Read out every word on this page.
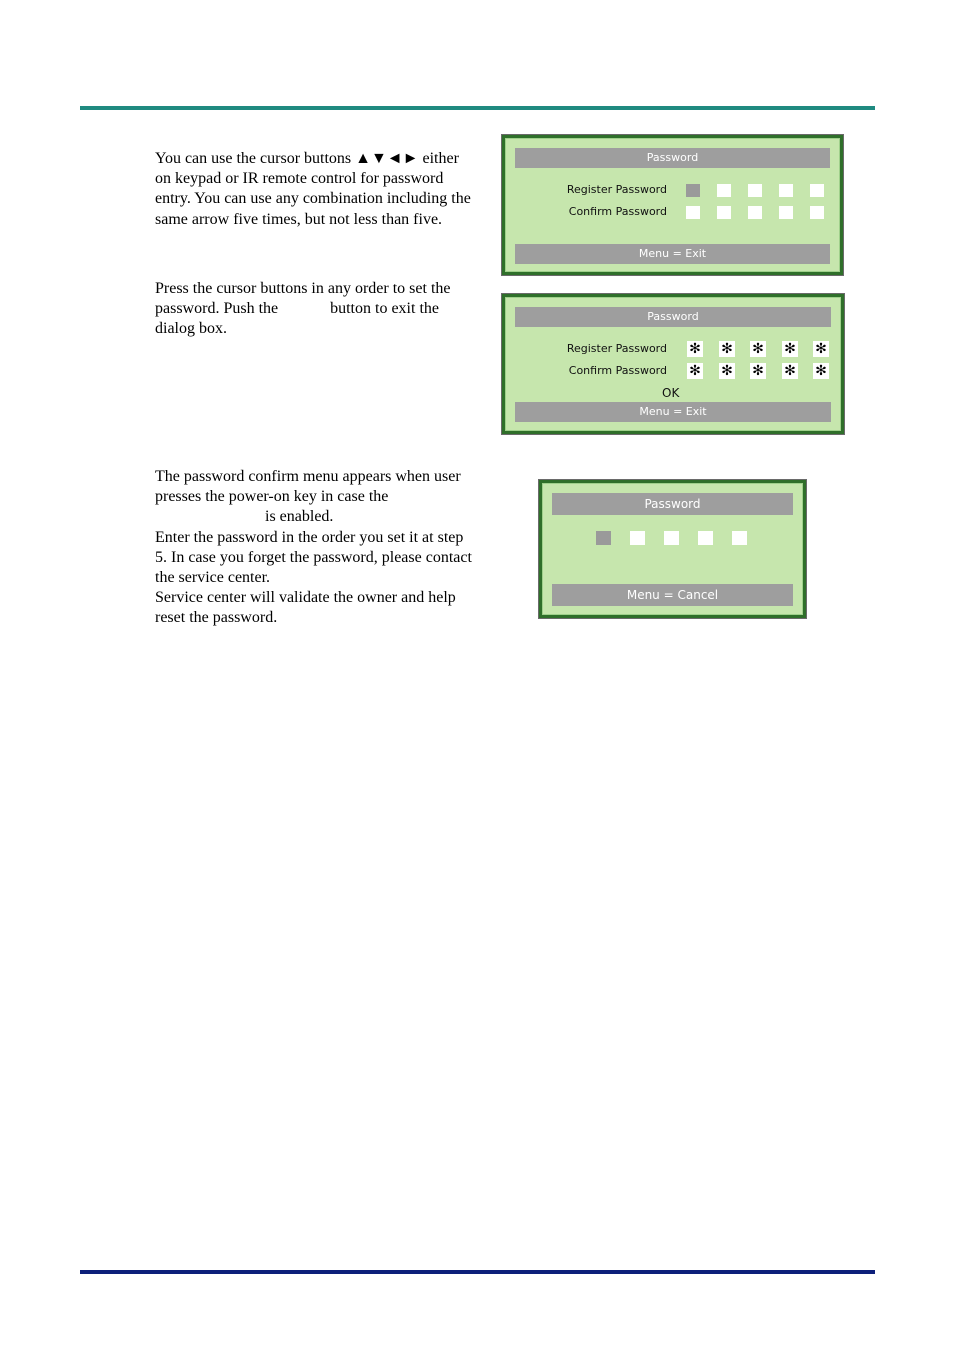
You can use the cursor buttons ▲▼◄► either on keypad or IR remote control for password entry. You can use any combination including the same arrow five times, but not less than five.

Press the cursor buttons in any order to set the password. Push the	button to exit the dialog box.

The password confirm menu appears when user presses the power-on key in case theis enabled.

Enter the password in the order you set it at step 5. In case you forget the password, please contact the service center.

Service center will validate the owner and help reset the password.

Password
Register Password
Confirm Password
Menu = Exit
Password
Register Password
Confirm Password
✻ ✻ ✻ ✻ ✻
✻ ✻ ✻ ✻ ✻
OK
Menu = Exit
Password
Menu = Cancel
